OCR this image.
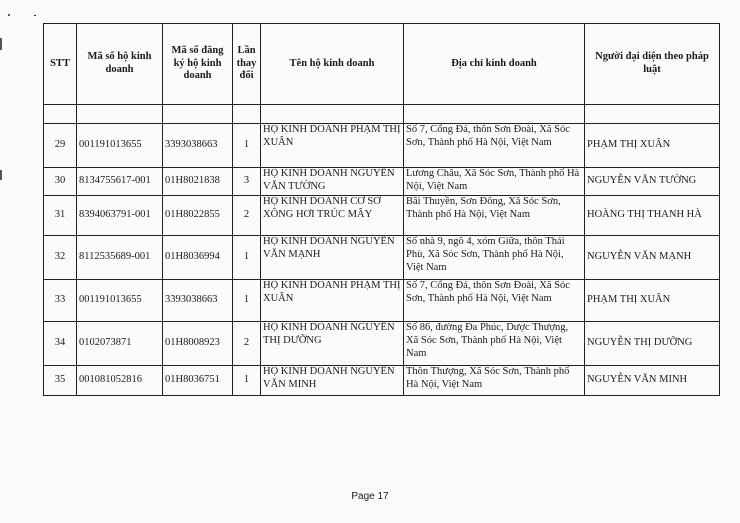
STT	Mã số hộ kinh doanh	Mã số đăng ký hộ kinh doanh	Lần thay đổi	Tên hộ kinh doanh	Địa chỉ kinh doanh	Người đại diện theo pháp luật

29	001191013655	3393038663	1	HỘ KINH DOANH PHẠM THỊ XUÂN	Số 7, Cổng Đá, thôn Sơn Đoài, Xã Sóc Sơn, Thành phố Hà Nội, Việt Nam	PHẠM THỊ XUÂN
30	8134755617-001	01H8021838	3	HỘ KINH DOANH NGUYỄN VĂN TƯỜNG	Lương Châu, Xã Sóc Sơn, Thành phố Hà Nội, Việt Nam	NGUYỄN VĂN TƯỜNG
31	8394063791-001	01H8022855	2	HỘ KINH DOANH CƠ SỞ XÔNG HƠI TRÚC MÂY	Bãi Thuyền, Sơn Đông, Xã Sóc Sơn, Thành phố Hà Nội, Việt Nam	HOÀNG THỊ THANH HÀ
32	8112535689-001	01H8036994	1	HỘ KINH DOANH NGUYỄN VĂN MẠNH	Số nhà 9, ngõ 4, xóm Giữa, thôn Thái Phù, Xã Sóc Sơn, Thành phố Hà Nội, Việt Nam	NGUYỄN VĂN MẠNH
33	001191013655	3393038663	1	HỘ KINH DOANH PHẠM THỊ XUÂN	Số 7, Cổng Đá, thôn Sơn Đoài, Xã Sóc Sơn, Thành phố Hà Nội, Việt Nam	PHẠM THỊ XUÂN
34	0102073871	01H8008923	2	HỘ KINH DOANH NGUYỄN THỊ DƯỠNG	Số 86, đường Đa Phúc, Dược Thượng, Xã Sóc Sơn, Thành phố Hà Nội, Việt Nam	NGUYỄN THỊ DƯỠNG
35	001081052816	01H8036751	1	HỘ KINH DOANH NGUYỄN VĂN MINH	Thôn Thượng, Xã Sóc Sơn, Thành phố Hà Nội, Việt Nam	NGUYỄN VĂN MINH
Page 17
